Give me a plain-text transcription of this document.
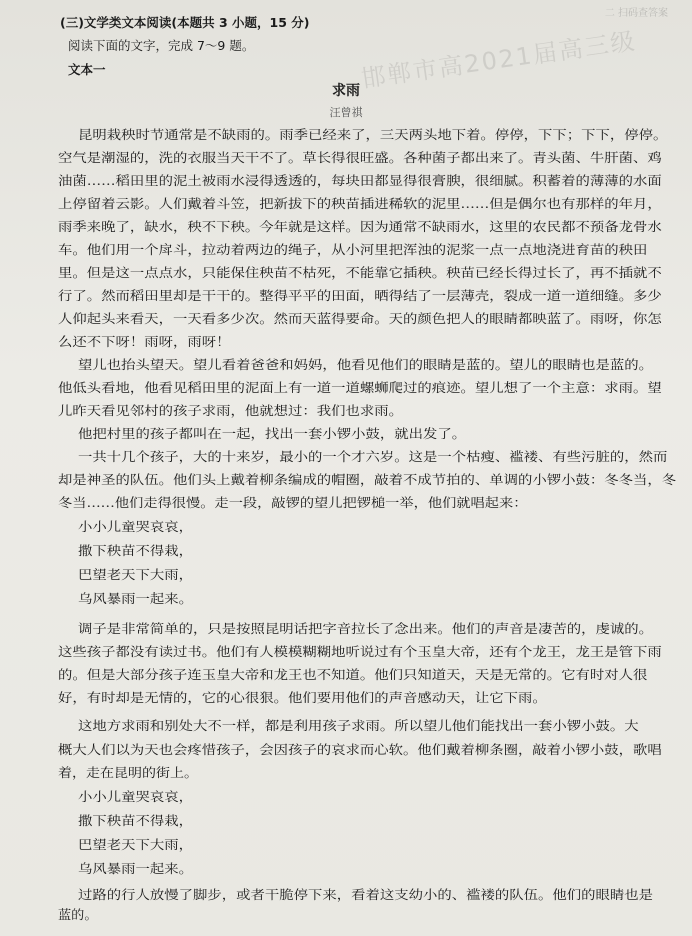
邯郸市高2021届高三级
二 扫码查答案
(三)文学类文本阅读(本题共 3 小题，15 分)
阅读下面的文字，完成 7～9 题。
文本一
求雨
汪曾祺
昆明栽秧时节通常是不缺雨的。雨季已经来了，三天两头地下着。停停，下下；下下，停停。
空气是潮湿的，洗的衣服当天干不了。草长得很旺盛。各种菌子都出来了。青头菌、牛肝菌、鸡
油菌……稻田里的泥土被雨水浸得透透的，每块田都显得很膏腴，很细腻。积蓄着的薄薄的水面
上停留着云影。人们戴着斗笠，把新拔下的秧苗插进稀软的泥里……但是偶尔也有那样的年月，
雨季来晚了，缺水，秧不下秧。今年就是这样。因为通常不缺雨水，这里的农民都不预备龙骨水
车。他们用一个戽斗，拉动着两边的绳子，从小河里把浑浊的泥浆一点一点地浇进育苗的秧田
里。但是这一点点水，只能保住秧苗不枯死，不能靠它插秧。秧苗已经长得过长了，再不插就不
行了。然而稻田里却是干干的。整得平平的田面，晒得结了一层薄壳，裂成一道一道细缝。多少
人仰起头来看天，一天看多少次。然而天蓝得要命。天的颜色把人的眼睛都映蓝了。雨呀，你怎
么还不下呀！雨呀，雨呀！
望儿也抬头望天。望儿看着爸爸和妈妈，他看见他们的眼睛是蓝的。望儿的眼睛也是蓝的。
他低头看地，他看见稻田里的泥面上有一道一道螺蛳爬过的痕迹。望儿想了一个主意：求雨。望
儿昨天看见邻村的孩子求雨，他就想过：我们也求雨。
他把村里的孩子都叫在一起，找出一套小锣小鼓，就出发了。
一共十几个孩子，大的十来岁，最小的一个才六岁。这是一个枯瘦、褴褛、有些污脏的，然而
却是神圣的队伍。他们头上戴着柳条编成的帽圈，敲着不成节拍的、单调的小锣小鼓：冬冬当，冬
冬当……他们走得很慢。走一段，敲锣的望儿把锣槌一举，他们就唱起来：
小小儿童哭哀哀，
撒下秧苗不得栽，
巴望老天下大雨，
乌风暴雨一起来。
调子是非常简单的，只是按照昆明话把字音拉长了念出来。他们的声音是凄苦的，虔诚的。
这些孩子都没有读过书。他们有人模模糊糊地听说过有个玉皇大帝，还有个龙王，龙王是管下雨
的。但是大部分孩子连玉皇大帝和龙王也不知道。他们只知道天，天是无常的。它有时对人很
好，有时却是无情的，它的心很狠。他们要用他们的声音感动天，让它下雨。
这地方求雨和别处大不一样，都是利用孩子求雨。所以望儿他们能找出一套小锣小鼓。大
概大人们以为天也会疼惜孩子，会因孩子的哀求而心软。他们戴着柳条圈，敲着小锣小鼓，歌唱
着，走在昆明的街上。
小小儿童哭哀哀，
撒下秧苗不得栽，
巴望老天下大雨，
乌风暴雨一起来。
过路的行人放慢了脚步，或者干脆停下来，看着这支幼小的、褴褛的队伍。他们的眼睛也是
蓝的。
